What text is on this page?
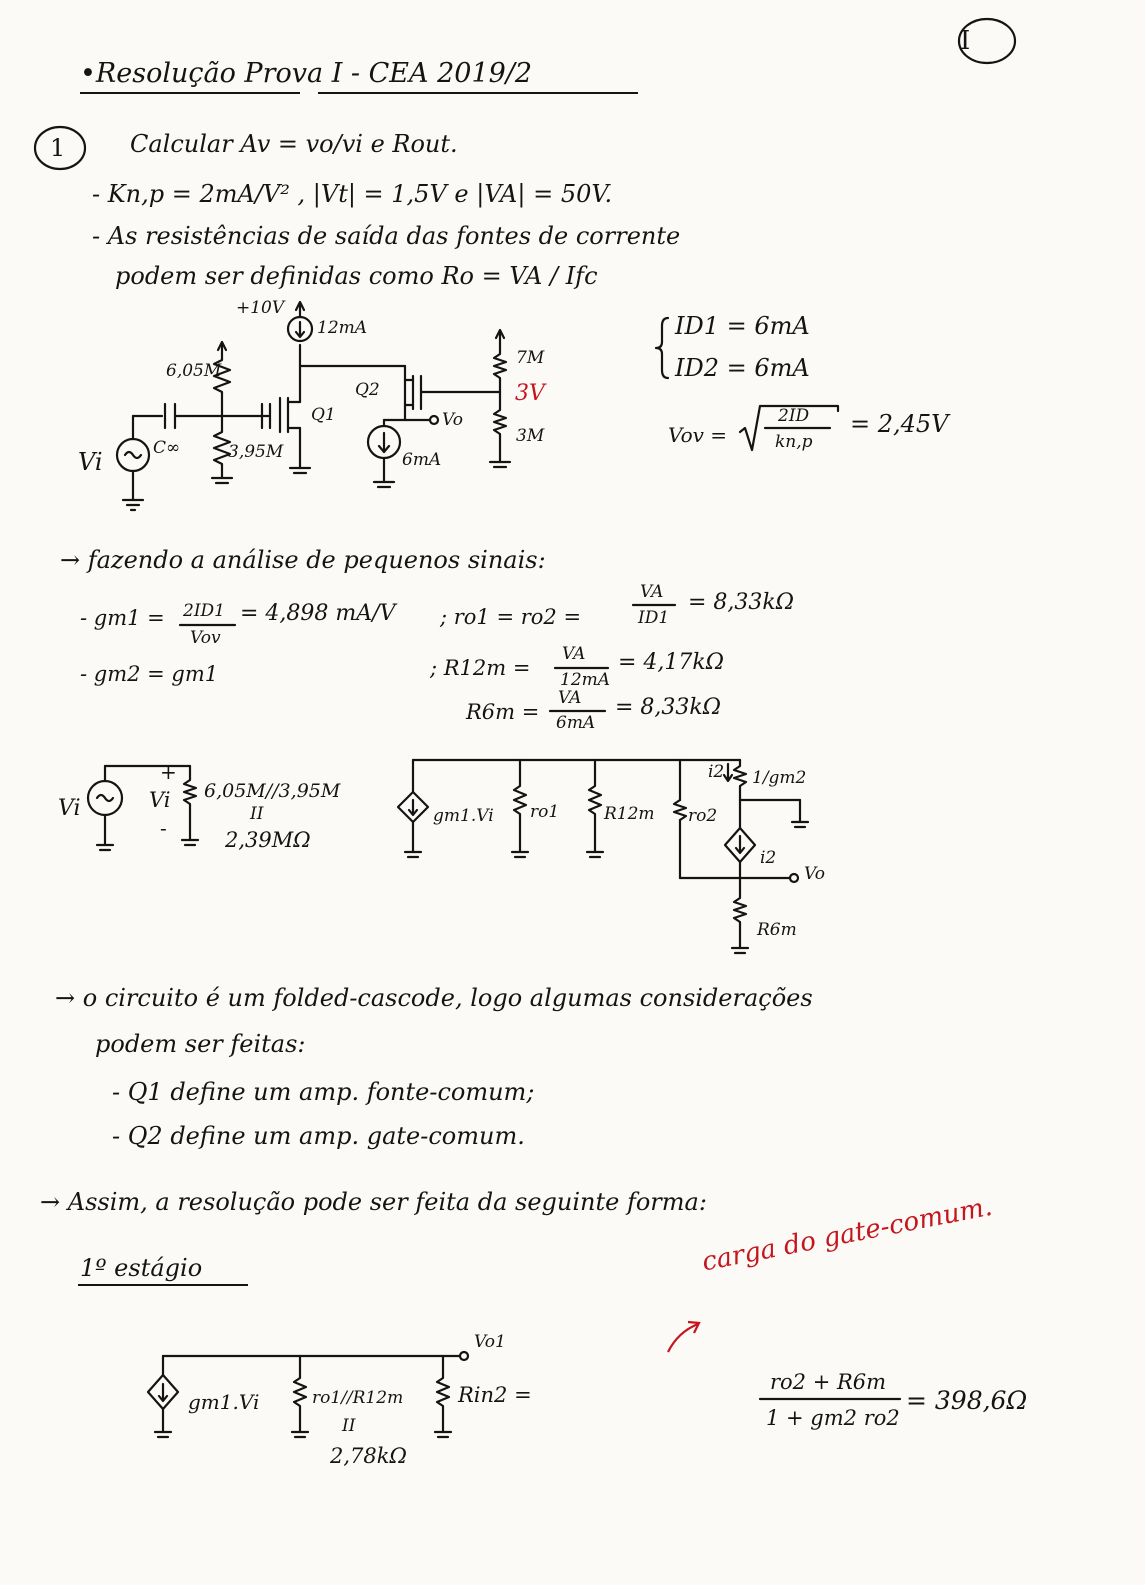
I
•Resolução Prova I - CEA 2019/2
1	Calcular Av = vo/vi e Rout.
- Kn,p = 2mA/V² , |Vt| = 1,5V e |VA| = 50V.
- As resistências de saída das fontes de corrente
podem ser definidas como Ro = VA / Ifc
+10V
12mA
6,05M
C∞	3,95M
Vi
Q1
Q2
6mA
Vo
7M
3V
3M
ID1 = 6mA
ID2 = 6mA
Vov =
2ID
kn,p
= 2,45V
→ fazendo a análise de pequenos sinais:
- gm1 = 2ID1
Vov
= 4,898 mA/V
- gm2 = gm1
; ro1 = ro2 =
VA
ID1
= 8,33kΩ
; R12m =
VA
12mA
= 4,17kΩ
R6m =
VA
6mA
= 8,33kΩ
Vi	Vi
+
-
6,05M//3,95M
II
2,39MΩ
gm1.Vi ro1	R12m
i2 1/gm2
ro2
i2
Vo
R6m
→ o circuito é um folded-cascode, logo algumas considerações
podem ser feitas:
- Q1 define um amp. fonte-comum;
- Q2 define um amp. gate-comum.
→ Assim, a resolução pode ser feita da seguinte forma:
1º estágio	carga do gate-comum.
Vo1
gm1.Vi	ro1//R12m
II
2,78kΩ
Rin2 =
ro2 + R6m
1 + gm2 ro2
= 398,6Ω
